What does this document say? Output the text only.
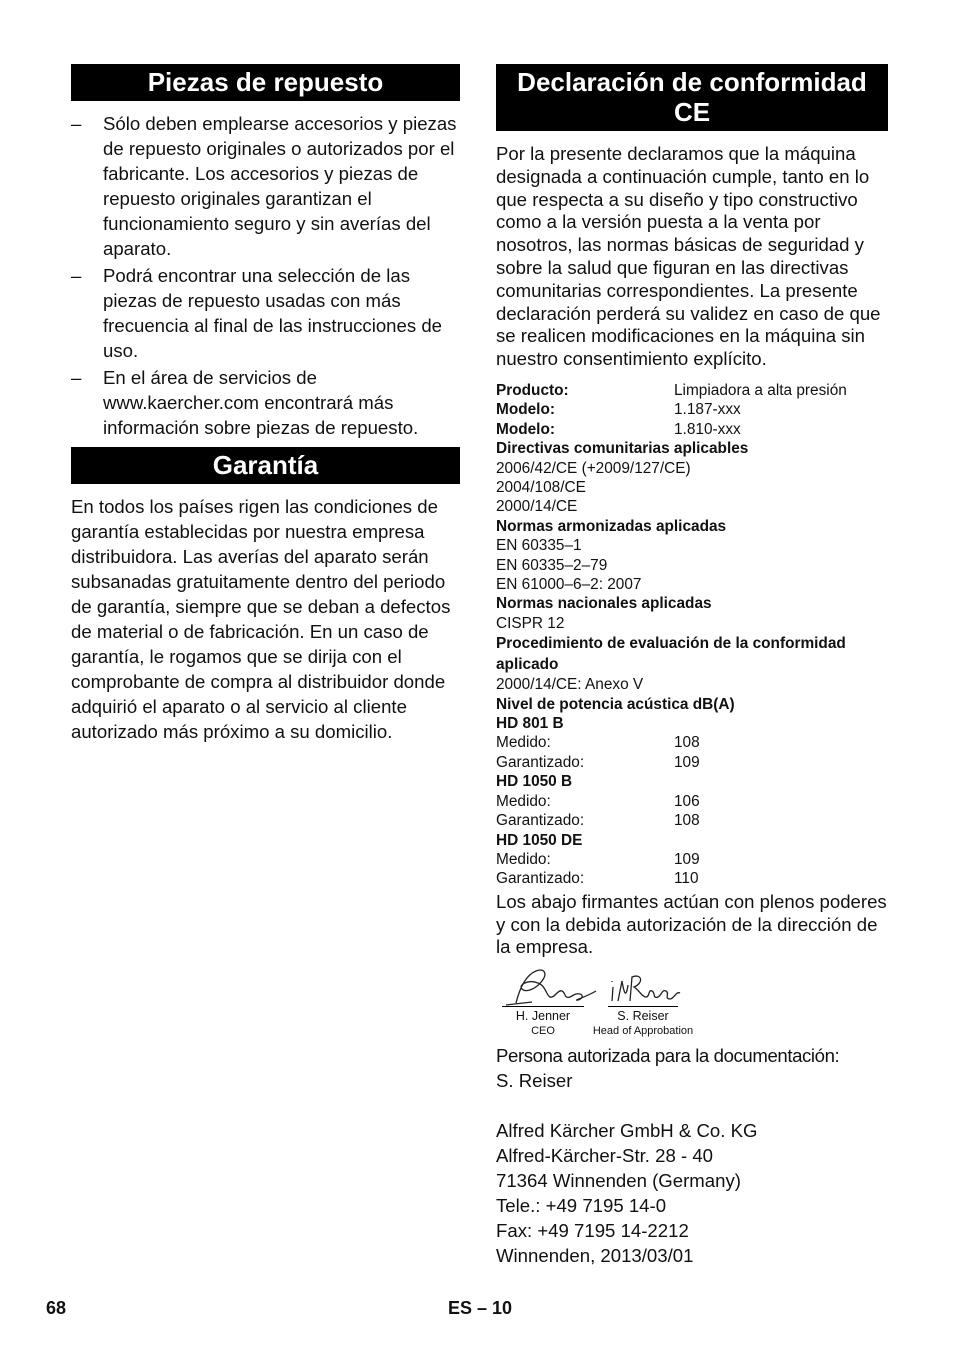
Piezas de repuesto
– Sólo deben emplearse accesorios y piezas de repuesto originales o autorizados por el fabricante. Los accesorios y piezas de repuesto originales garantizan el funcionamiento seguro y sin averías del aparato.
– Podrá encontrar una selección de las piezas de repuesto usadas con más frecuencia al final de las instrucciones de uso.
– En el área de servicios de www.kaercher.com encontrará más información sobre piezas de repuesto.
Garantía
En todos los países rigen las condiciones de garantía establecidas por nuestra empresa distribuidora. Las averías del aparato serán subsanadas gratuitamente dentro del periodo de garantía, siempre que se deban a defectos de material o de fabricación. En un caso de garantía, le rogamos que se dirija con el comprobante de compra al distribuidor donde adquirió el aparato o al servicio al cliente autorizado más próximo a su domicilio.
Declaración de conformidad
CE
Por la presente declaramos que la máquina designada a continuación cumple, tanto en lo que respecta a su diseño y tipo constructivo como a la versión puesta a la venta por nosotros, las normas básicas de seguridad y sobre la salud que figuran en las directivas comunitarias correspondientes. La presente declaración perderá su validez en caso de que se realicen modificaciones en la máquina sin nuestro consentimiento explícito.
Producto:	Limpiadora a alta presión
Modelo:	1.187-xxx
Modelo:	1.810-xxx
Directivas comunitarias aplicables
2006/42/CE (+2009/127/CE)
2004/108/CE
2000/14/CE
Normas armonizadas aplicadas
EN 60335–1
EN 60335–2–79
EN 61000–6–2: 2007
Normas nacionales aplicadas
CISPR 12
Procedimiento de evaluación de la conformidad
aplicado
2000/14/CE: Anexo V
Nivel de potencia acústica dB(A)
HD 801 B
Medido:	108
Garantizado:	109
HD 1050 B
Medido:	106
Garantizado:	108
HD 1050 DE
Medido:	109
Garantizado:	110
Los abajo firmantes actúan con plenos poderes y con la debida autorización de la dirección de la empresa.
H. Jenner
CEO
S. Reiser
Head of Approbation
Persona autorizada para la documentación:
S. Reiser
Alfred Kärcher GmbH & Co. KG
Alfred-Kärcher-Str. 28 - 40
71364 Winnenden (Germany)
Tele.: +49 7195 14-0
Fax: +49 7195 14-2212
Winnenden, 2013/03/01
68	ES – 10
